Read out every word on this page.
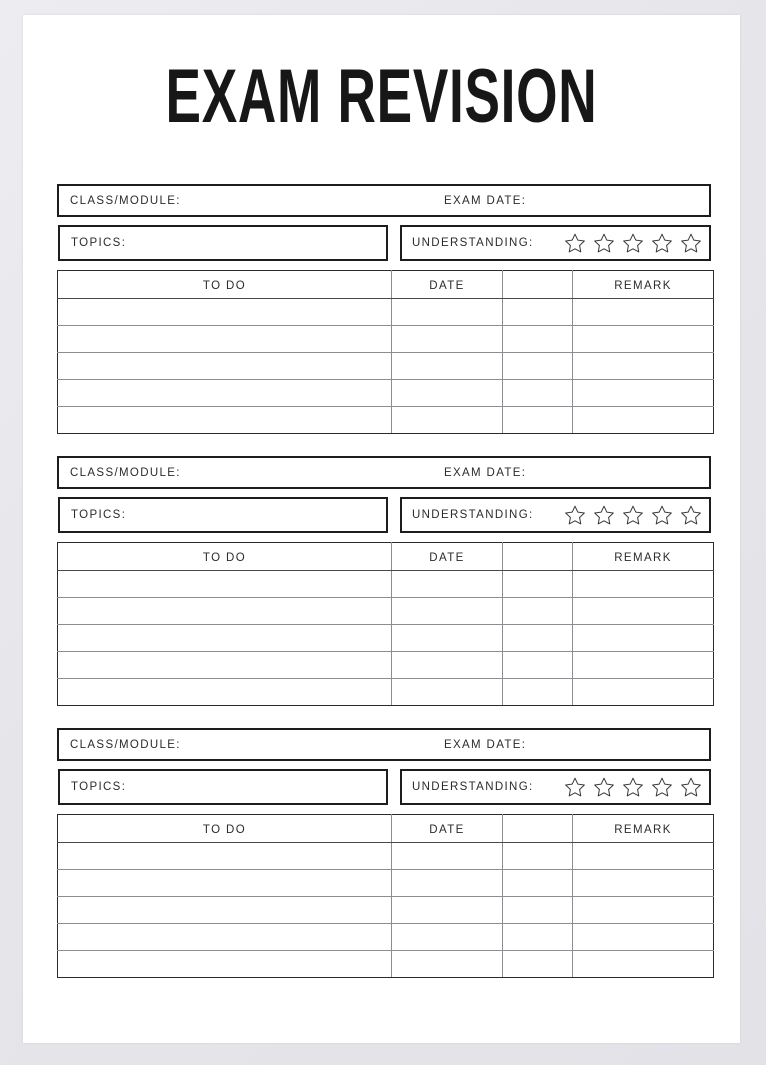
EXAM REVISION
CLASS/MODULE:	EXAM DATE:
TOPICS:	UNDERSTANDING:
TO DO	DATE		REMARK

CLASS/MODULE:	EXAM DATE:
TOPICS:	UNDERSTANDING:
TO DO	DATE		REMARK

CLASS/MODULE:	EXAM DATE:
TOPICS:	UNDERSTANDING:
TO DO	DATE		REMARK
